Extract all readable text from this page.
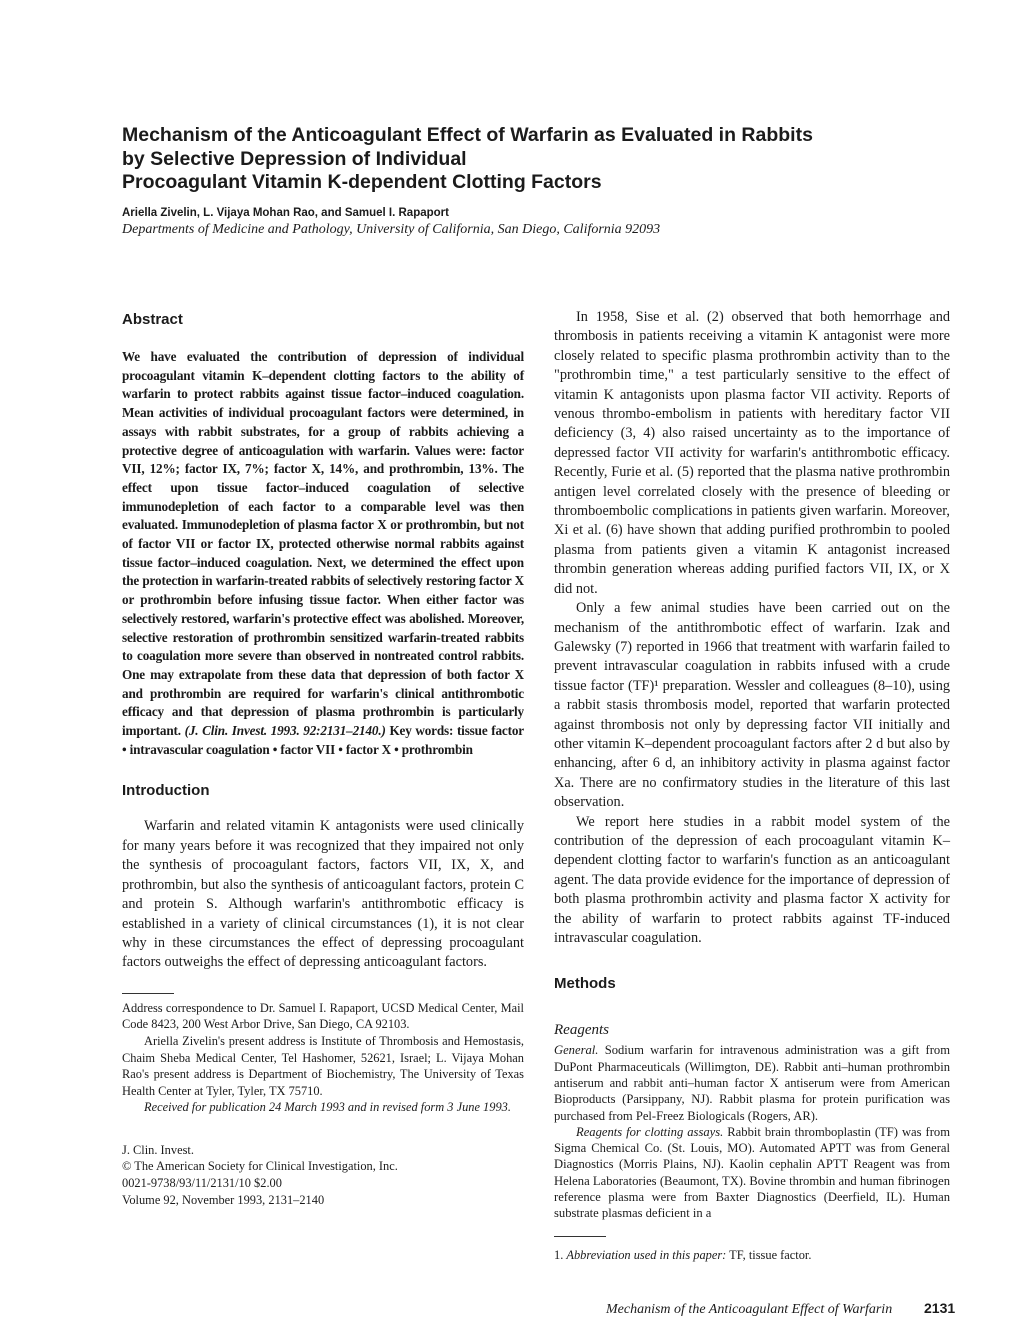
Mechanism of the Anticoagulant Effect of Warfarin as Evaluated in Rabbits
by Selective Depression of Individual
Procoagulant Vitamin K-dependent Clotting Factors
Ariella Zivelin, L. Vijaya Mohan Rao, and Samuel I. Rapaport
Departments of Medicine and Pathology, University of California, San Diego, California 92093
Abstract
We have evaluated the contribution of depression of individual procoagulant vitamin K–dependent clotting factors to the ability of warfarin to protect rabbits against tissue factor–induced coagulation. Mean activities of individual procoagulant factors were determined, in assays with rabbit substrates, for a group of rabbits achieving a protective degree of anticoagulation with warfarin. Values were: factor VII, 12%; factor IX, 7%; factor X, 14%, and prothrombin, 13%. The effect upon tissue factor–induced coagulation of selective immunodepletion of each factor to a comparable level was then evaluated. Immunodepletion of plasma factor X or prothrombin, but not of factor VII or factor IX, protected otherwise normal rabbits against tissue factor–induced coagulation. Next, we determined the effect upon the protection in warfarin-treated rabbits of selectively restoring factor X or prothrombin before infusing tissue factor. When either factor was selectively restored, warfarin's protective effect was abolished. Moreover, selective restoration of prothrombin sensitized warfarin-treated rabbits to coagulation more severe than observed in nontreated control rabbits. One may extrapolate from these data that depression of both factor X and prothrombin are required for warfarin's clinical antithrombotic efficacy and that depression of plasma prothrombin is particularly important. (J. Clin. Invest. 1993. 92:2131–2140.) Key words: tissue factor • intravascular coagulation • factor VII • factor X • prothrombin
Introduction

Warfarin and related vitamin K antagonists were used clinically for many years before it was recognized that they impaired not only the synthesis of procoagulant factors, factors VII, IX, X, and prothrombin, but also the synthesis of anticoagulant factors, protein C and protein S. Although warfarin's antithrombotic efficacy is established in a variety of clinical circumstances (1), it is not clear why in these circumstances the effect of depressing procoagulant factors outweighs the effect of depressing anticoagulant factors.

Address correspondence to Dr. Samuel I. Rapaport, UCSD Medical Center, Mail Code 8423, 200 West Arbor Drive, San Diego, CA 92103.

Ariella Zivelin's present address is Institute of Thrombosis and Hemostasis, Chaim Sheba Medical Center, Tel Hashomer, 52621, Israel; L. Vijaya Mohan Rao's present address is Department of Biochemistry, The University of Texas Health Center at Tyler, Tyler, TX 75710.

Received for publication 24 March 1993 and in revised form 3 June 1993.

J. Clin. Invest.
© The American Society for Clinical Investigation, Inc.
0021-9738/93/11/2131/10 $2.00
Volume 92, November 1993, 2131–2140

In 1958, Sise et al. (2) observed that both hemorrhage and thrombosis in patients receiving a vitamin K antagonist were more closely related to specific plasma prothrombin activity than to the "prothrombin time," a test particularly sensitive to the effect of vitamin K antagonists upon plasma factor VII activity. Reports of venous thrombo-embolism in patients with hereditary factor VII deficiency (3, 4) also raised uncertainty as to the importance of depressed factor VII activity for warfarin's antithrombotic efficacy. Recently, Furie et al. (5) reported that the plasma native prothrombin antigen level correlated closely with the presence of bleeding or thromboembolic complications in patients given warfarin. Moreover, Xi et al. (6) have shown that adding purified prothrombin to pooled plasma from patients given a vitamin K antagonist increased thrombin generation whereas adding purified factors VII, IX, or X did not.

Only a few animal studies have been carried out on the mechanism of the antithrombotic effect of warfarin. Izak and Galewsky (7) reported in 1966 that treatment with warfarin failed to prevent intravascular coagulation in rabbits infused with a crude tissue factor (TF)¹ preparation. Wessler and colleagues (8–10), using a rabbit stasis thrombosis model, reported that warfarin protected against thrombosis not only by depressing factor VII initially and other vitamin K–dependent procoagulant factors after 2 d but also by enhancing, after 6 d, an inhibitory activity in plasma against factor Xa. There are no confirmatory studies in the literature of this last observation.

We report here studies in a rabbit model system of the contribution of the depression of each procoagulant vitamin K–dependent clotting factor to warfarin's function as an anticoagulant agent. The data provide evidence for the importance of depression of both plasma prothrombin activity and plasma factor X activity for the ability of warfarin to protect rabbits against TF-induced intravascular coagulation.

Methods
Reagents

General. Sodium warfarin for intravenous administration was a gift from DuPont Pharmaceuticals (Willimgton, DE). Rabbit anti–human prothrombin antiserum and rabbit anti–human factor X antiserum were from American Bioproducts (Parsippany, NJ). Rabbit plasma for protein purification was purchased from Pel-Freez Biologicals (Rogers, AR).

Reagents for clotting assays. Rabbit brain thromboplastin (TF) was from Sigma Chemical Co. (St. Louis, MO). Automated APTT was from General Diagnostics (Morris Plains, NJ). Kaolin cephalin APTT Reagent was from Helena Laboratories (Beaumont, TX). Bovine thrombin and human fibrinogen reference plasma were from Baxter Diagnostics (Deerfield, IL). Human substrate plasmas deficient in a

1. Abbreviation used in this paper: TF, tissue factor.
Mechanism of the Anticoagulant Effect of Warfarin	2131
